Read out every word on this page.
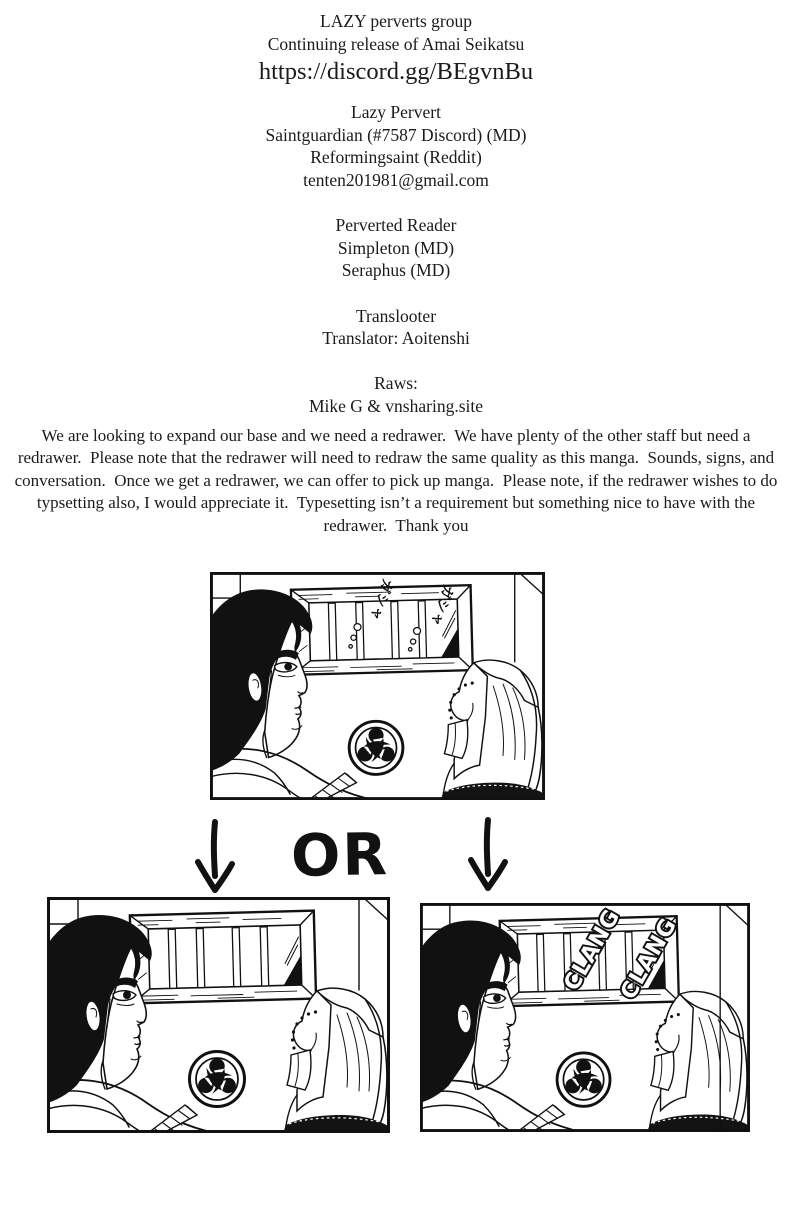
LAZY perverts group
Continuing release of Amai Seikatsu
https://discord.gg/BEgvnBu
Lazy Pervert
Saintguardian (#7587 Discord) (MD)
Reformingsaint (Reddit)
tenten201981@gmail.com
Perverted Reader
Simpleton (MD)
Seraphus (MD)
Translooter
Translator: Aoitenshi
Raws:
Mike G & vnsharing.site
We are looking to expand our base and we need a redrawer.  We have plenty of the other staff but need a redrawer.  Please note that the redrawer will need to redraw the same quality as this manga.  Sounds, signs, and conversation.  Once we get a redrawer, we can offer to pick up manga.  Please note, if the redrawer wishes to do typsetting also, I would appreciate it.  Typesetting isn’t a requirement but something nice to have with the redrawer.  Thank you
ガシャ ガシャ
OR
CLANG
CLANG
